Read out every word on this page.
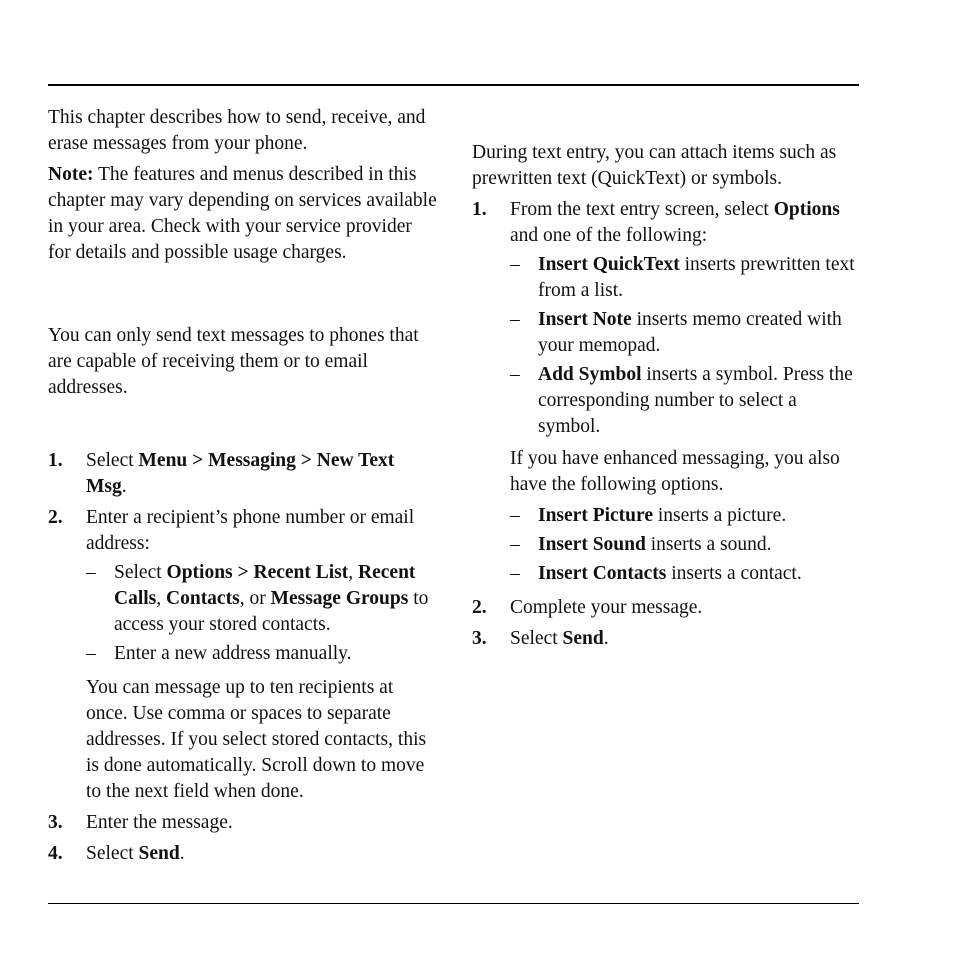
This chapter describes how to send, receive, and erase messages from your phone.

Note: The features and menus described in this chapter may vary depending on services available in your area. Check with your service provider for details and possible usage charges.

You can only send text messages to phones that are capable of receiving them or to email addresses.

1.	Select Menu > Messaging > New Text Msg.
2.	Enter a recipient’s phone number or email address:
– Select Options > Recent List, Recent Calls, Contacts, or Message Groups to access your stored contacts.
– Enter a new address manually.

You can message up to ten recipients at once. Use comma or spaces to separate addresses. If you select stored contacts, this is done automatically. Scroll down to move to the next field when done.

3.	Enter the message.
4.	Select Send.

During text entry, you can attach items such as prewritten text (QuickText) or symbols.

1.	From the text entry screen, select Options and one of the following:
– Insert QuickText inserts prewritten text from a list.
– Insert Note inserts memo created with your memopad.
– Add Symbol inserts a symbol. Press the corresponding number to select a symbol.

If you have enhanced messaging, you also have the following options.

– Insert Picture inserts a picture.
– Insert Sound inserts a sound.
– Insert Contacts inserts a contact.
2.	Complete your message.
3.	Select Send.
